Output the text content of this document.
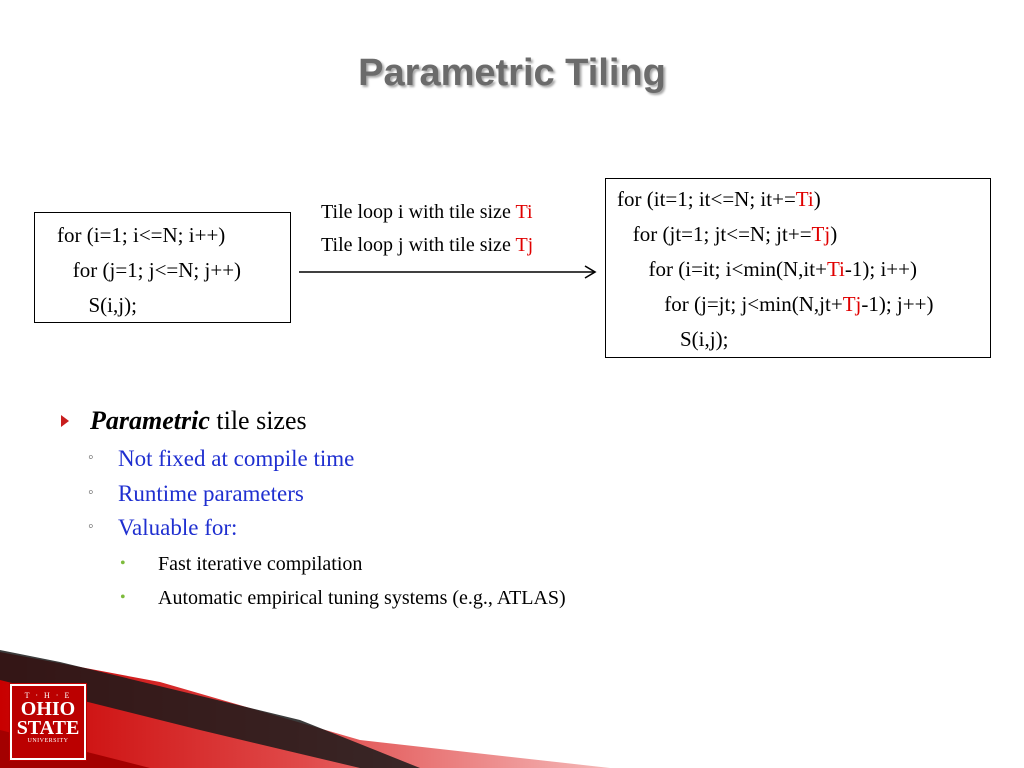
Parametric Tiling
for (i=1; i<=N; i++)
for (j=1; j<=N; j++)
S(i,j);
Tile loop i with tile size Ti
Tile loop j with tile size Tj
for (it=1; it<=N; it+=Ti)
for (jt=1; jt<=N; jt+=Tj)
for (i=it; i<min(N,it+Ti-1); i++)
for (j=jt; j<min(N,jt+Tj-1); j++)
S(i,j);
Parametric tile sizes
◦ Not fixed at compile time
◦ Runtime parameters
◦ Valuable for:
• Fast iterative compilation
• Automatic empirical tuning systems (e.g., ATLAS)
T · H · E
OHIO
STATE
UNIVERSITY
